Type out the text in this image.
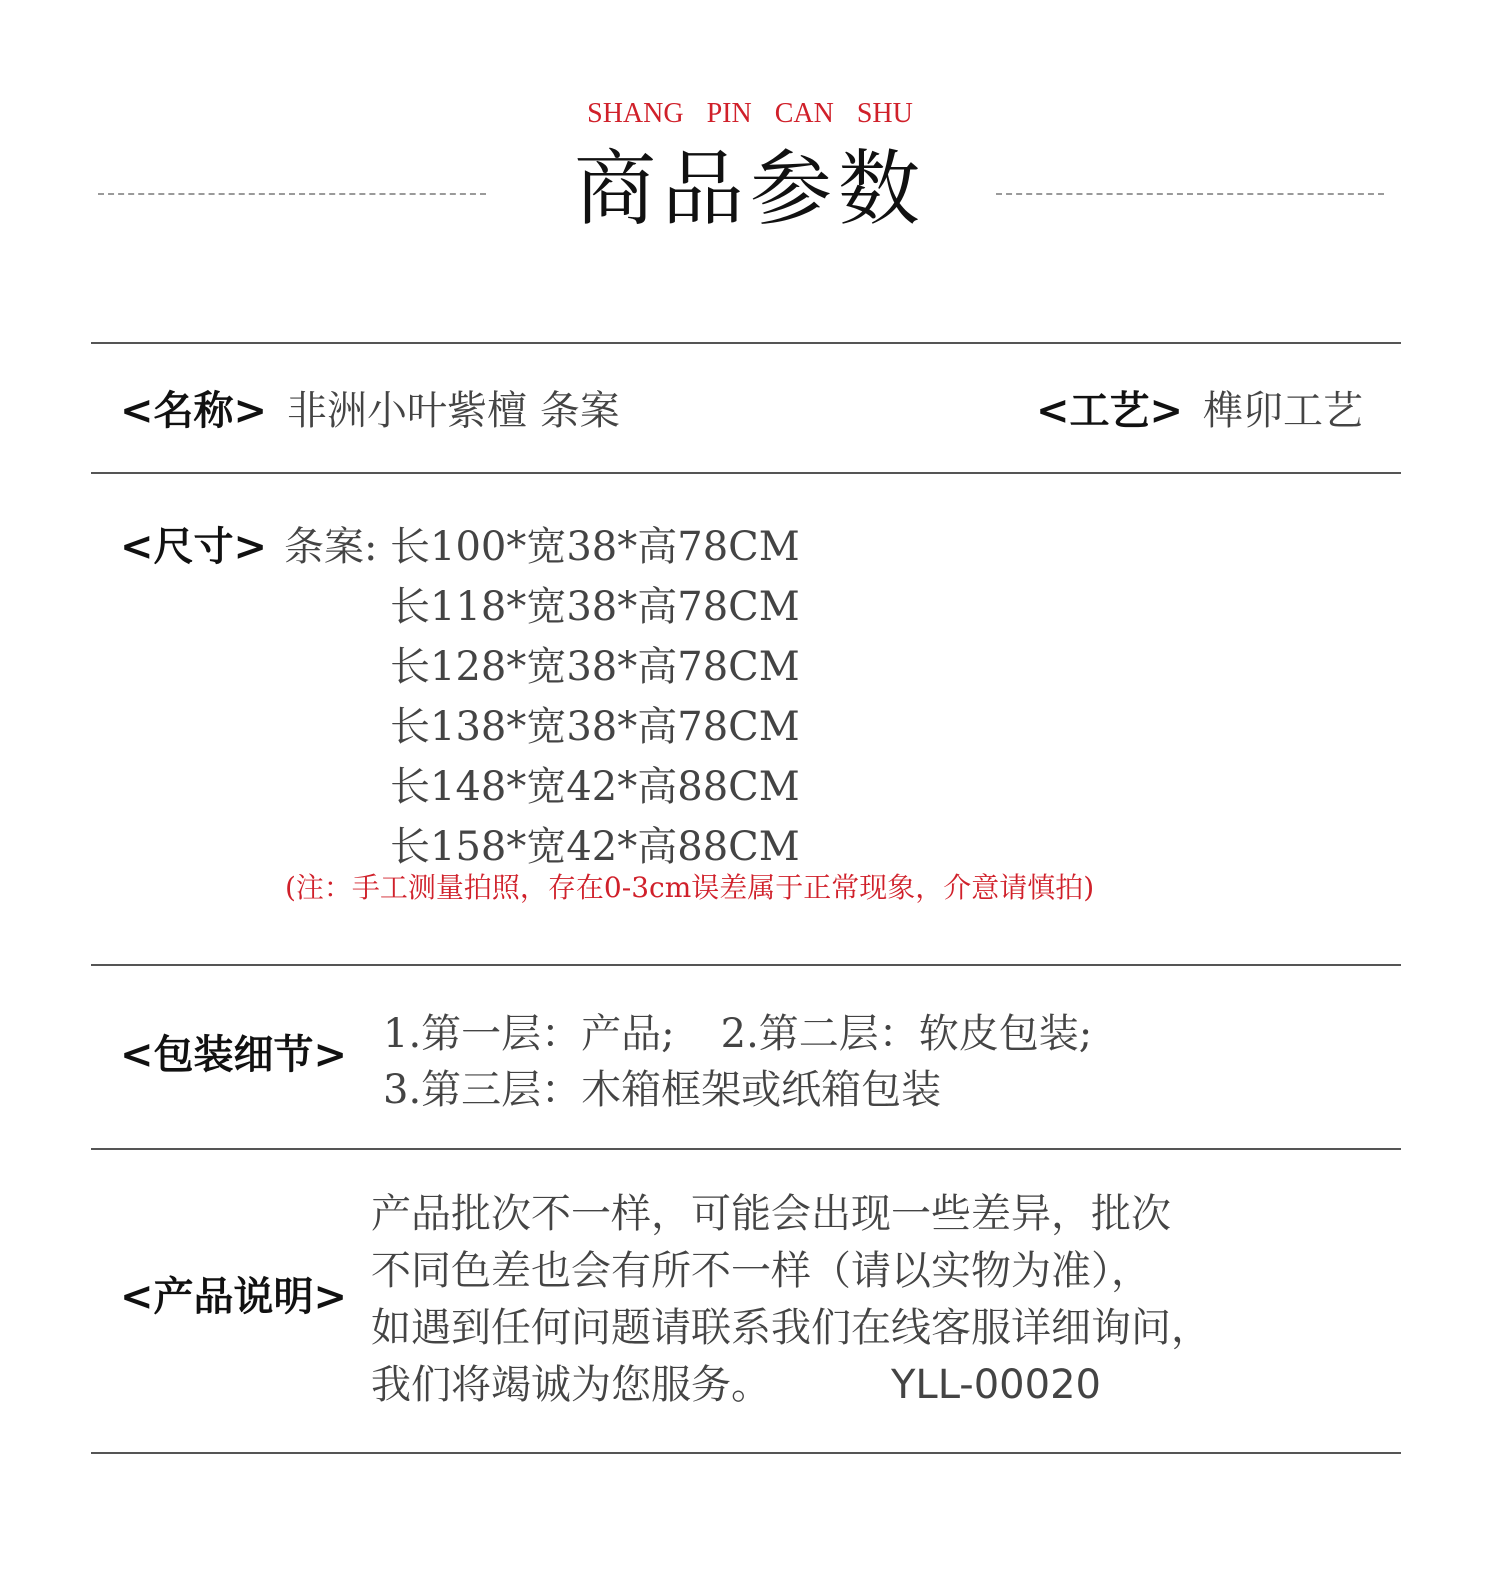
SHANG PIN CAN SHU
商品参数
<名称> 非洲小叶紫檀 条案	<工艺> 榫卯工艺
<尺寸> 条案: 长100*宽38*高78CM
长118*宽38*高78CM
长128*宽38*高78CM
长138*宽38*高78CM
长148*宽42*高88CM
长158*宽42*高88CM
(注：手工测量拍照，存在0-3cm误差属于正常现象，介意请慎拍)
<包装细节> 1.第一层：产品; 2.第二层：软皮包装;
3.第三层：木箱框架或纸箱包装
<产品说明>
产品批次不一样，可能会出现一些差异，批次
不同色差也会有所不一样（请以实物为准），
如遇到任何问题请联系我们在线客服详细询问，
我们将竭诚为您服务。	YLL-00020
